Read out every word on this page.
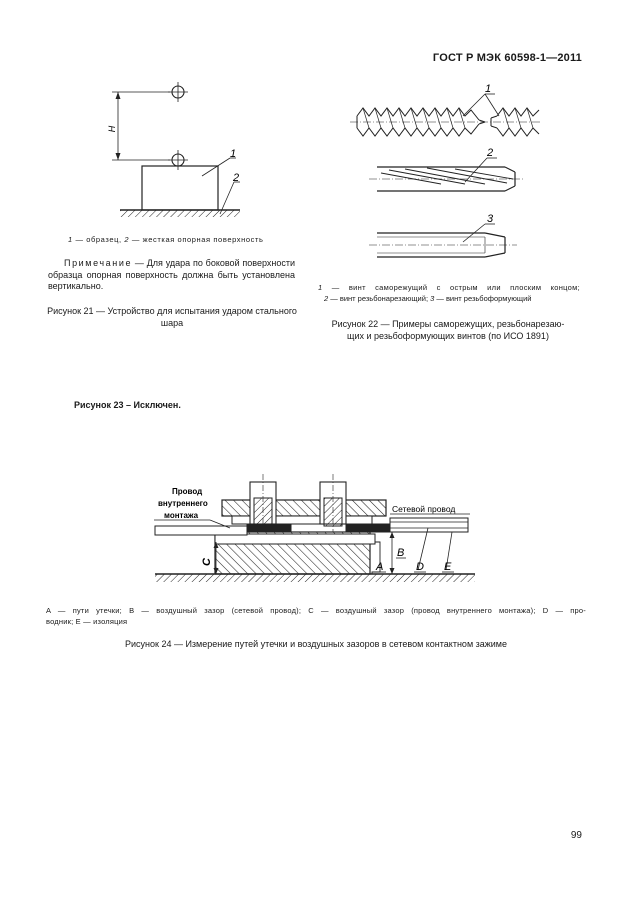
ГОСТ Р МЭК 60598-1—2011
H
1
2
1 — образец, 2 — жесткая опорная поверхность
Примечание — Для удара по боковой поверхности образца опорная поверхность должна быть установлена вертикально.
Рисунок 21 — Устройство для испытания ударом стального шара
1
2
3
1 — винт саморежущий с острым или плоским концом;
2 — винт резьбонарезающий; 3 — винт резьбоформующий
Рисунок 22 — Примеры саморежущих, резьбонарезаю-
щих и резьбоформующих винтов (по ИСО 1891)
Рисунок 23 – Исключен.
C
B
A	D E
Провод
внутреннего
монтажа
Сетевой провод
A — пути утечки; B — воздушный зазор (сетевой провод); C — воздушный зазор (провод внутреннего монтажа); D — про-
водник; E — изоляция
Рисунок 24 — Измерение путей утечки и воздушных зазоров в сетевом контактном зажиме
99
